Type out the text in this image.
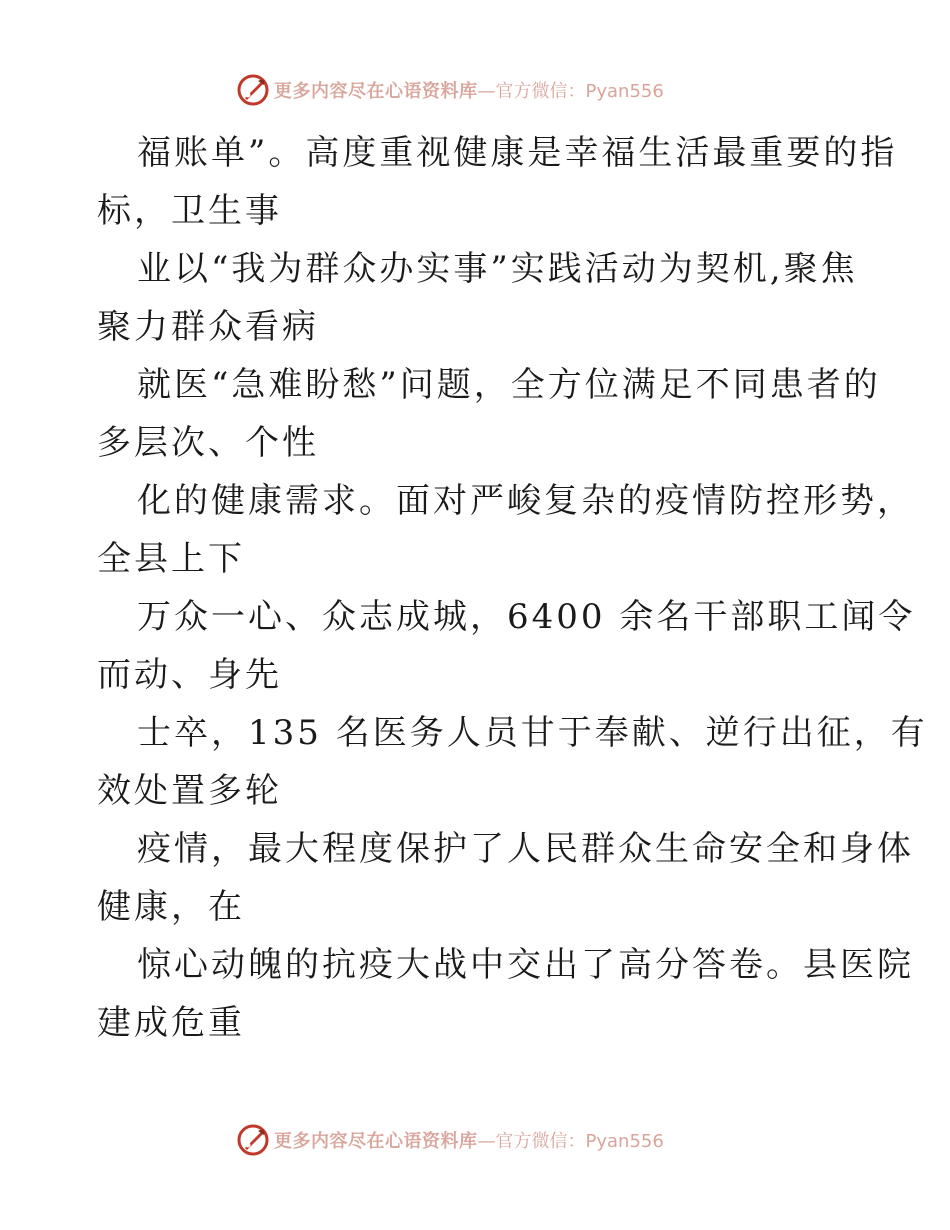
更多内容尽在心语资料库 —官方微信：Pyan556
福账单”。高度重视健康是幸福生活最重要的指
标，卫生事
业以“我为群众办实事”实践活动为契机,聚焦
聚力群众看病
就医“急难盼愁”问题，全方位满足不同患者的
多层次、个性
化的健康需求。面对严峻复杂的疫情防控形势，
全县上下
万众一心、众志成城，6400 余名干部职工闻令
而动、身先
士卒，135 名医务人员甘于奉献、逆行出征，有
效处置多轮
疫情，最大程度保护了人民群众生命安全和身体
健康，在
惊心动魄的抗疫大战中交出了高分答卷。县医院
建成危重
更多内容尽在心语资料库 —官方微信：Pyan556
